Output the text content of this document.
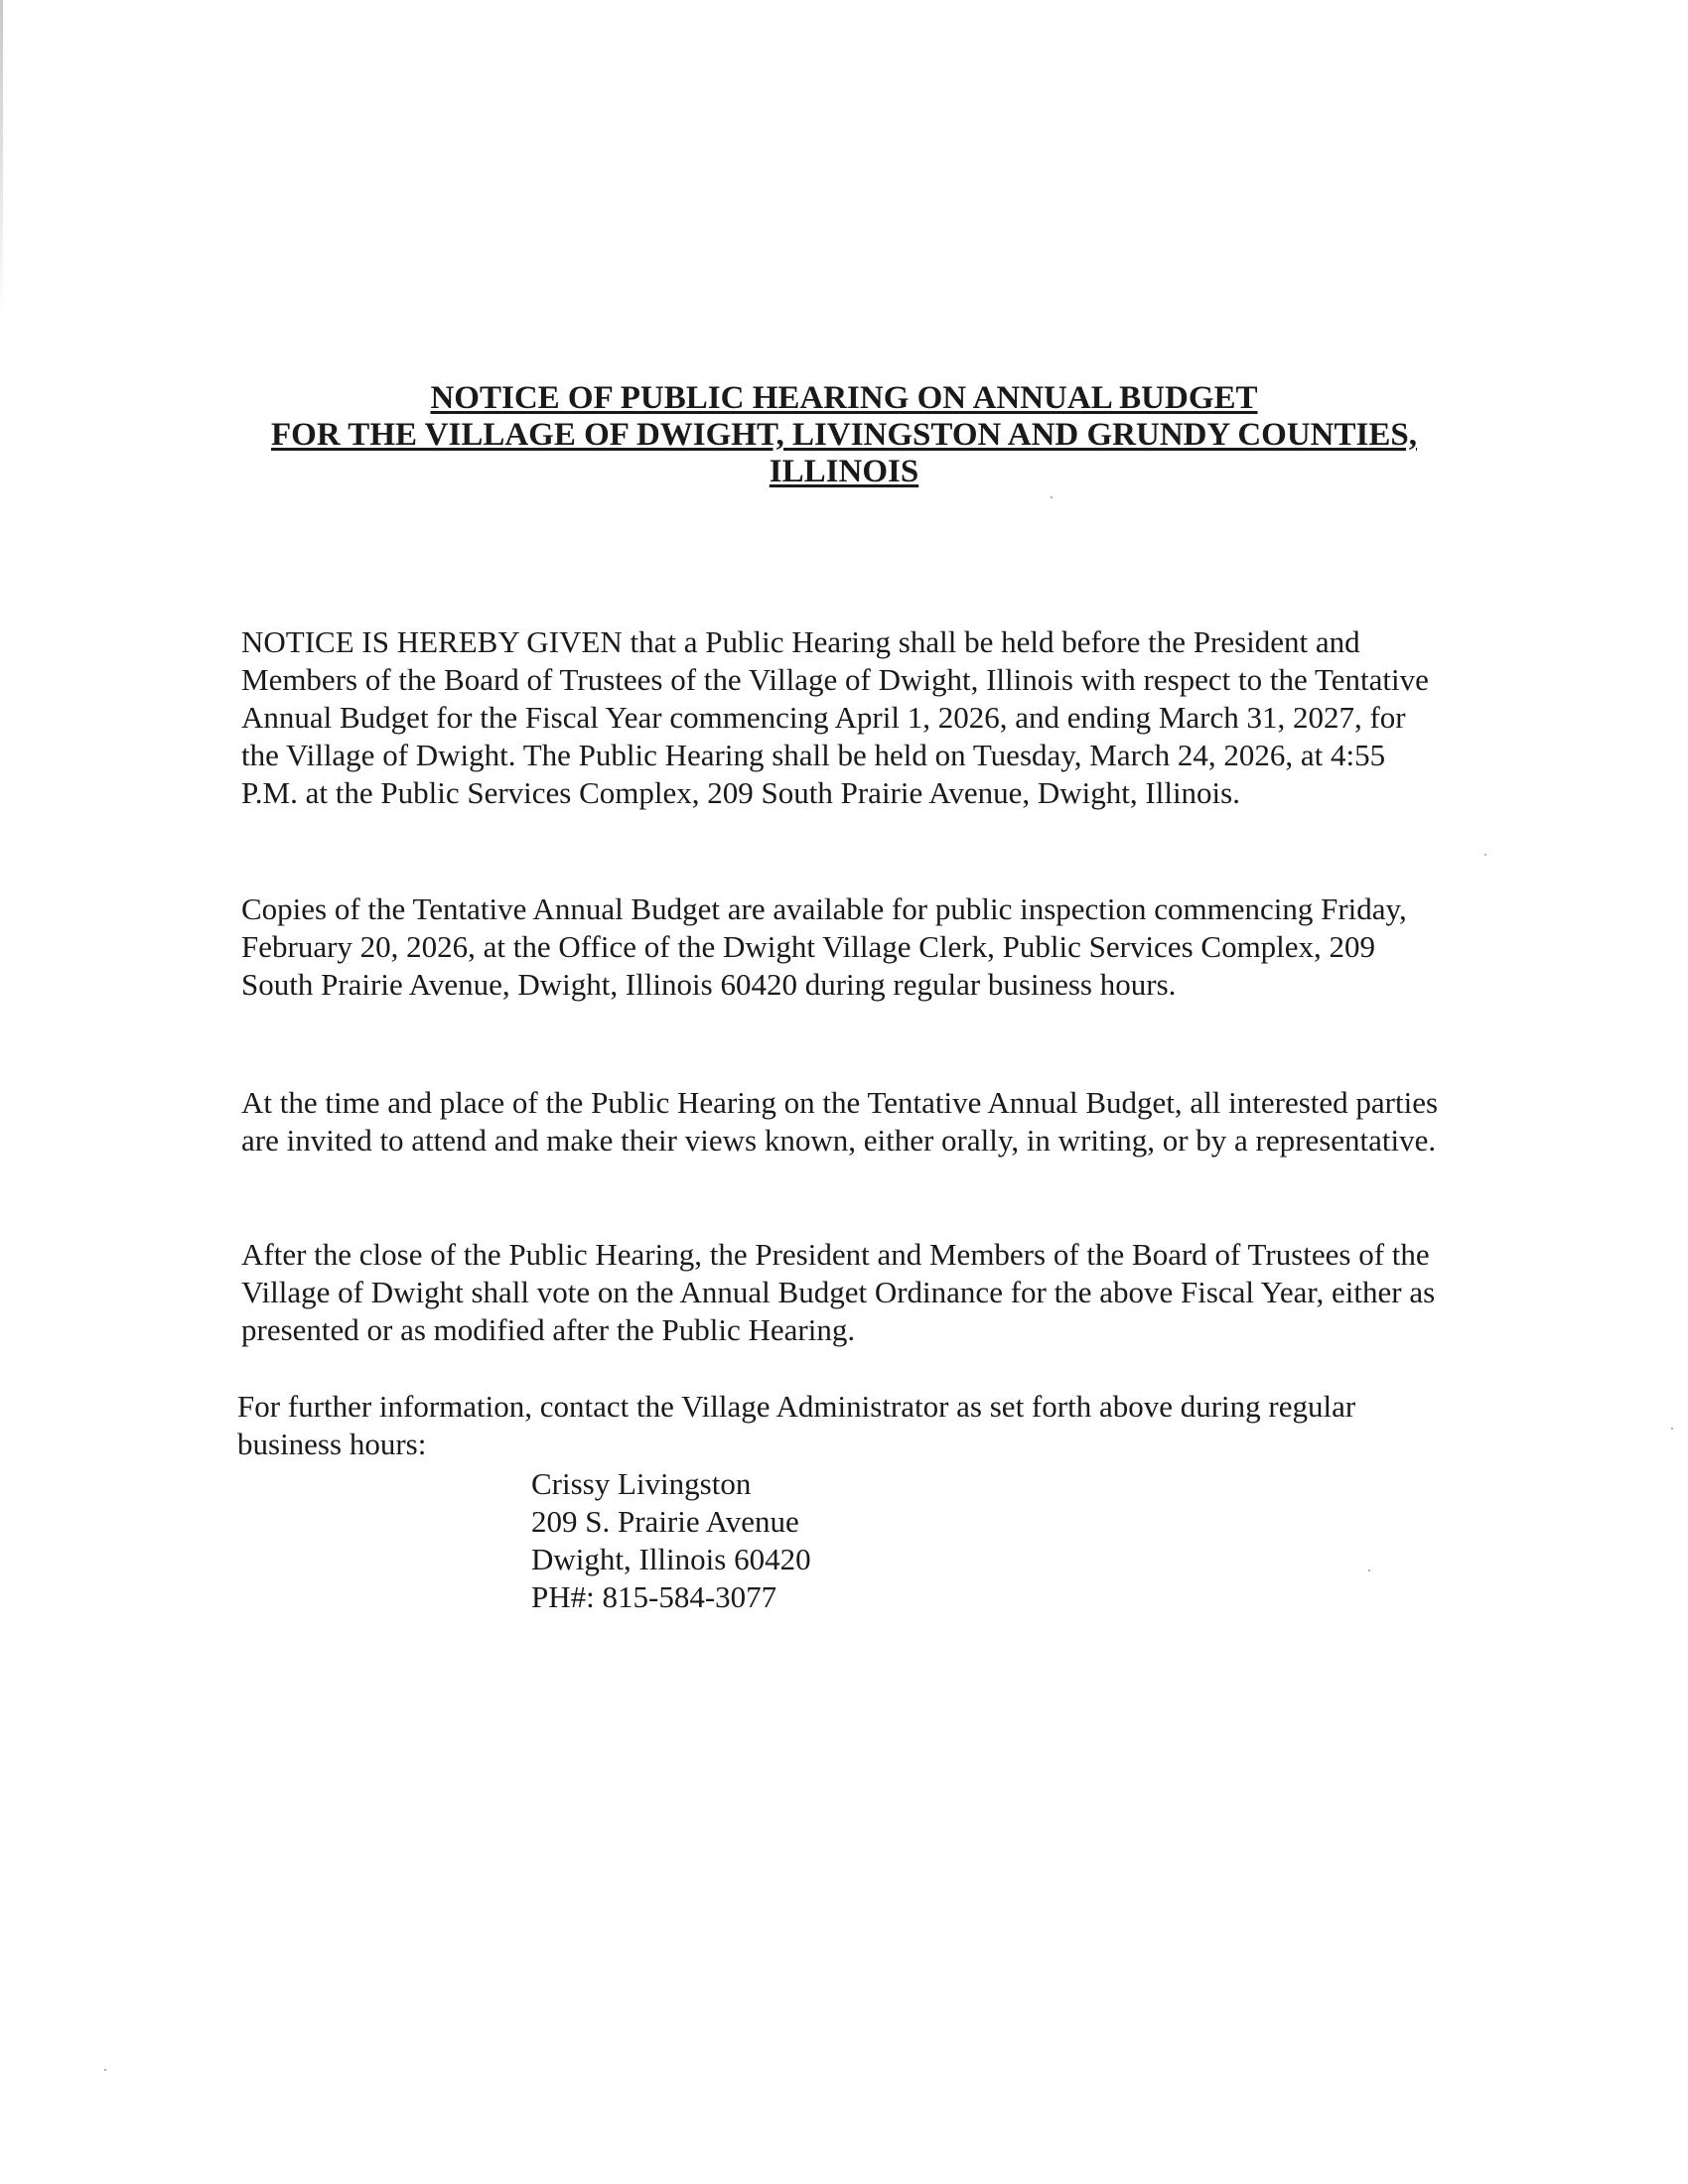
NOTICE OF PUBLIC HEARING ON ANNUAL BUDGET
FOR THE VILLAGE OF DWIGHT, LIVINGSTON AND GRUNDY COUNTIES,
ILLINOIS

NOTICE IS HEREBY GIVEN that a Public Hearing shall be held before the President and Members of the Board of Trustees of the Village of Dwight, Illinois with respect to the Tentative Annual Budget for the Fiscal Year commencing April 1, 2026, and ending March 31, 2027, for the Village of Dwight. The Public Hearing shall be held on Tuesday, March 24, 2026, at 4:55 P.M. at the Public Services Complex, 209 South Prairie Avenue, Dwight, Illinois.

Copies of the Tentative Annual Budget are available for public inspection commencing Friday, February 20, 2026, at the Office of the Dwight Village Clerk, Public Services Complex, 209 South Prairie Avenue, Dwight, Illinois 60420 during regular business hours.

At the time and place of the Public Hearing on the Tentative Annual Budget, all interested parties are invited to attend and make their views known, either orally, in writing, or by a representative.

After the close of the Public Hearing, the President and Members of the Board of Trustees of the Village of Dwight shall vote on the Annual Budget Ordinance for the above Fiscal Year, either as presented or as modified after the Public Hearing.

For further information, contact the Village Administrator as set forth above during regular business hours:

Crissy Livingston
209 S. Prairie Avenue
Dwight, Illinois 60420
PH#: 815-584-3077
